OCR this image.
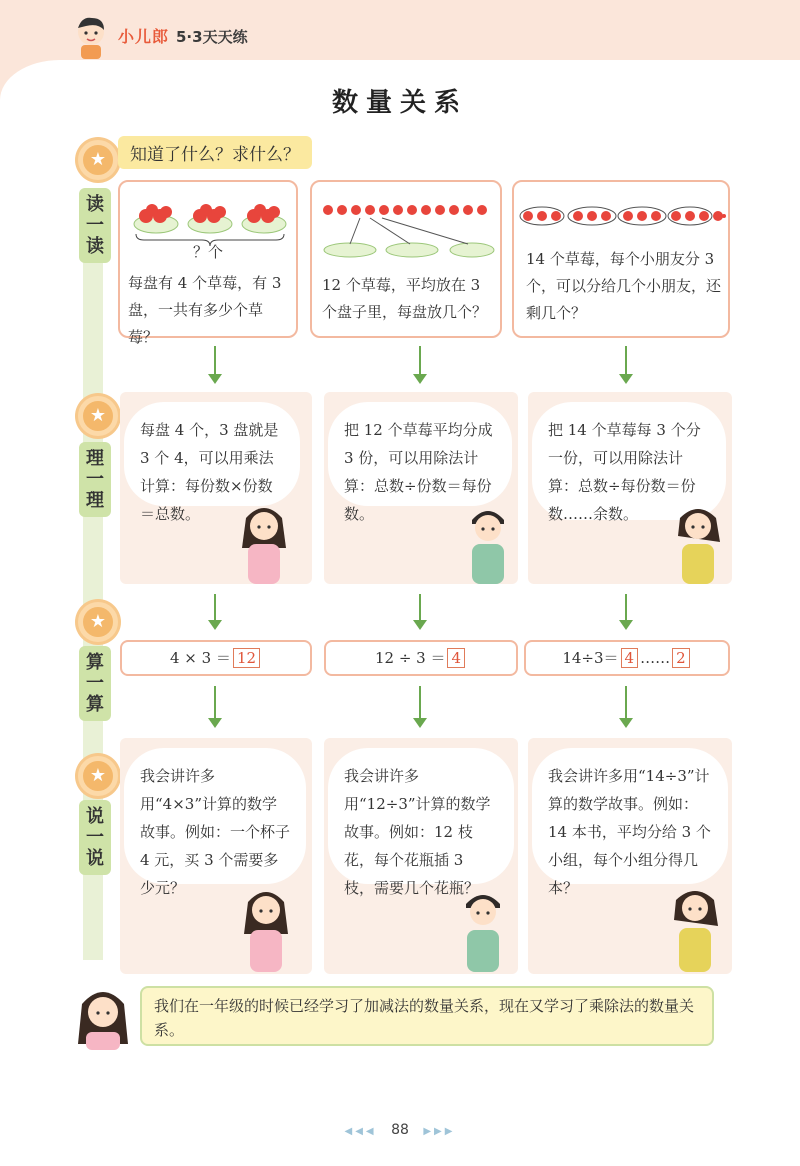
小儿郎 5·3天天练
数量关系
★
读一读
★
理一理
★
算一算
★
说一说
知道了什么？求什么？
？个
每盘有 4 个草莓，有 3 盘，一共有多少个草莓？
12 个草莓，平均放在 3 个盘子里，每盘放几个？
14 个草莓，每个小朋友分 3 个，可以分给几个小朋友，还剩几个？
每盘 4 个，3 盘就是 3 个 4，可以用乘法计算：每份数×份数＝总数。
把 12 个草莓平均分成 3 份，可以用除法计算：总数÷份数＝每份数。
把 14 个草莓每 3 个分一份，可以用除法计算：总数÷每份数＝份数……余数。
4 × 3 ＝ 12	12 ÷ 3 ＝ 4	14÷3＝ 4 …… 2
我会讲许多用“4×3”计算的数学故事。例如：一个杯子 4 元，买 3 个需要多少元？
我会讲许多用“12÷3”计算的数学故事。例如：12 枝花，每个花瓶插 3 枝，需要几个花瓶？
我会讲许多用“14÷3”计算的数学故事。例如：14 本书，平均分给 3 个小组，每个小组分得几本？
我们在一年级的时候已经学习了加减法的数量关系，现在又学习了乘除法的数量关系。
◀◀◀ 88 ▶▶▶
